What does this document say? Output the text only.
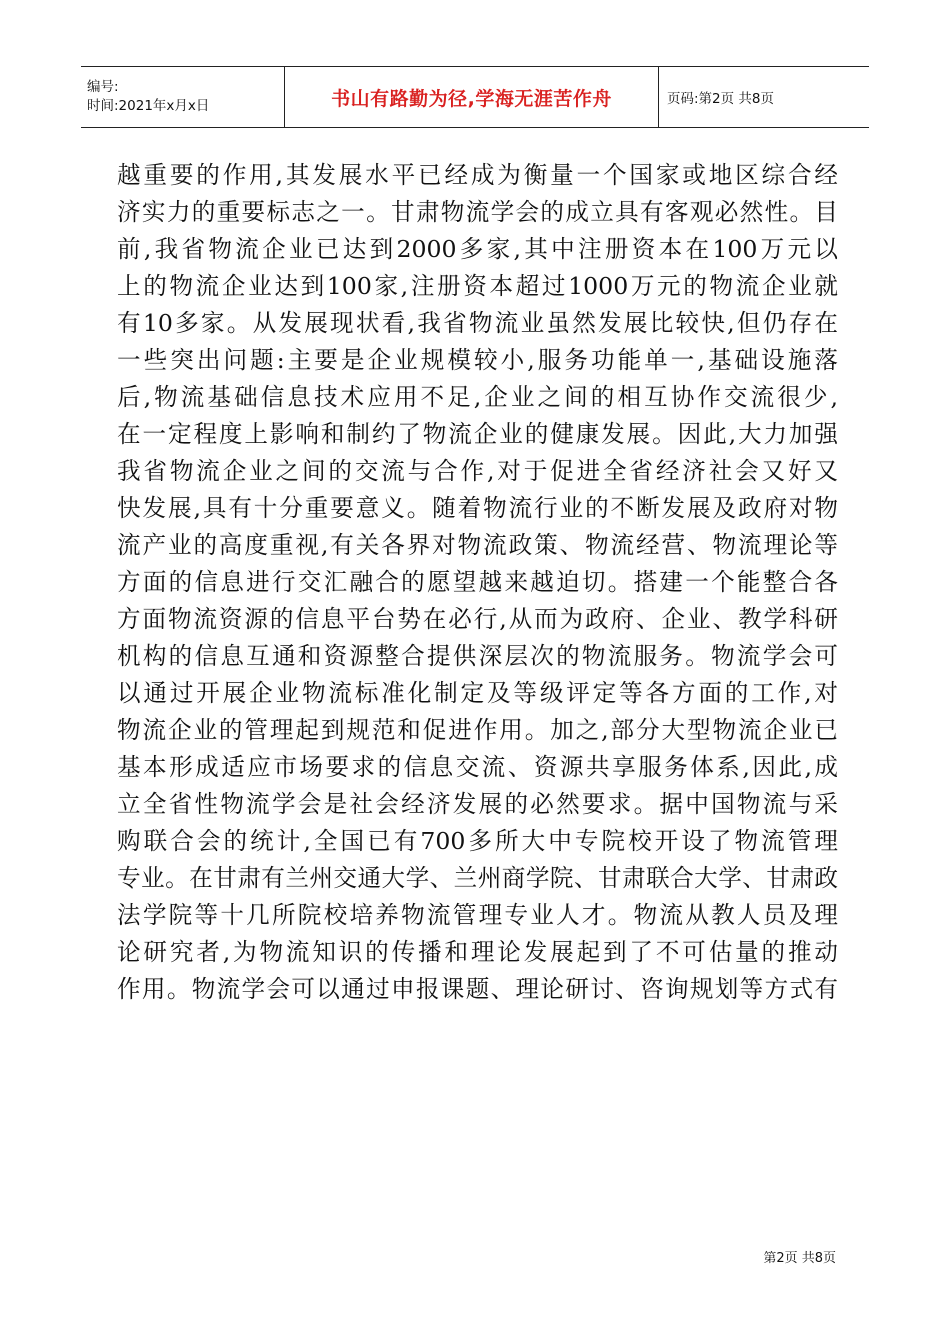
编号:
时间:2021年x月x日	书山有路勤为径,学海无涯苦作舟	页码:第2页 共8页
越重要的作用,其发展水平已经成为衡量一个国家或地区综合经
济实力的重要标志之一。甘肃物流学会的成立具有客观必然性。目
前,我省物流企业已达到2000多家,其中注册资本在100万元以
上的物流企业达到100家,注册资本超过1000万元的物流企业就
有10多家。从发展现状看,我省物流业虽然发展比较快,但仍存在
一些突出问题:主要是企业规模较小,服务功能单一,基础设施落
后,物流基础信息技术应用不足,企业之间的相互协作交流很少,
在一定程度上影响和制约了物流企业的健康发展。因此,大力加强
我省物流企业之间的交流与合作,对于促进全省经济社会又好又
快发展,具有十分重要意义。随着物流行业的不断发展及政府对物
流产业的高度重视,有关各界对物流政策、物流经营、物流理论等
方面的信息进行交汇融合的愿望越来越迫切。搭建一个能整合各
方面物流资源的信息平台势在必行,从而为政府、企业、教学科研
机构的信息互通和资源整合提供深层次的物流服务。物流学会可
以通过开展企业物流标准化制定及等级评定等各方面的工作,对
物流企业的管理起到规范和促进作用。加之,部分大型物流企业已
基本形成适应市场要求的信息交流、资源共享服务体系,因此,成
立全省性物流学会是社会经济发展的必然要求。据中国物流与采
购联合会的统计,全国已有700多所大中专院校开设了物流管理
专业。在甘肃有兰州交通大学、兰州商学院、甘肃联合大学、甘肃政
法学院等十几所院校培养物流管理专业人才。物流从教人员及理
论研究者,为物流知识的传播和理论发展起到了不可估量的推动
作用。物流学会可以通过申报课题、理论研讨、咨询规划等方式有
第2页 共8页
